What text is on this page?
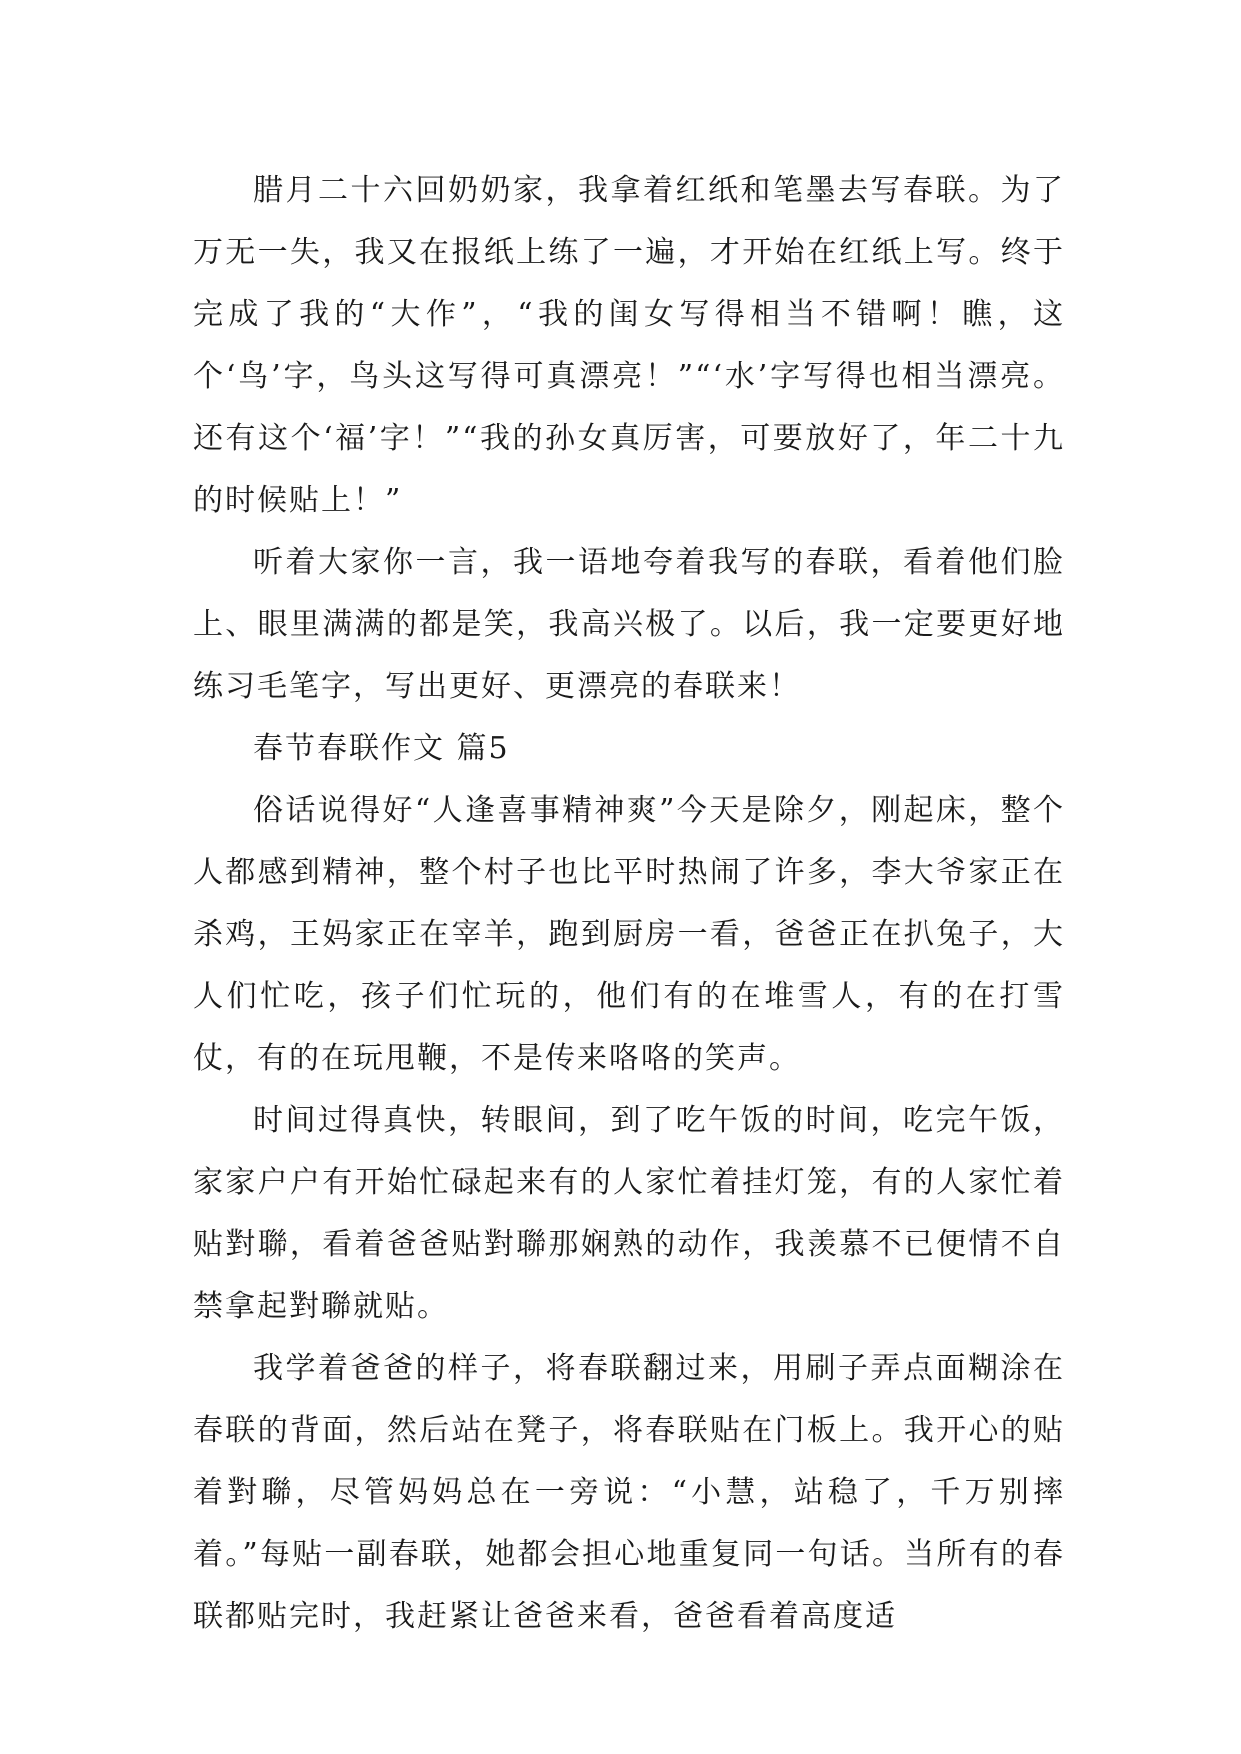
腊月二十六回奶奶家，我拿着红纸和笔墨去写春联。为了万无一失，我又在报纸上练了一遍，才开始在红纸上写。终于完成了我的“大作”，“我的闺女写得相当不错啊！瞧，这个‘鸟’字，鸟头这写得可真漂亮！”“‘水’字写得也相当漂亮。还有这个‘福’字！”“我的孙女真厉害，可要放好了，年二十九的时候贴上！”

听着大家你一言，我一语地夸着我写的春联，看着他们脸上、眼里满满的都是笑，我高兴极了。以后，我一定要更好地练习毛笔字，写出更好、更漂亮的春联来！

春节春联作文 篇5

俗话说得好“人逢喜事精神爽”今天是除夕，刚起床，整个人都感到精神，整个村子也比平时热闹了许多，李大爷家正在杀鸡，王妈家正在宰羊，跑到厨房一看，爸爸正在扒兔子，大人们忙吃，孩子们忙玩的，他们有的在堆雪人，有的在打雪仗，有的在玩甩鞭，不是传来咯咯的笑声。

时间过得真快，转眼间，到了吃午饭的时间，吃完午饭，家家户户有开始忙碌起来有的人家忙着挂灯笼，有的人家忙着贴對聯，看着爸爸贴對聯那娴熟的动作，我羡慕不已便情不自禁拿起對聯就贴。

我学着爸爸的样子，将春联翻过来，用刷子弄点面糊涂在春联的背面，然后站在凳子，将春联贴在门板上。我开心的贴着對聯，尽管妈妈总在一旁说：“小慧，站稳了，千万别摔着。”每贴一副春联，她都会担心地重复同一句话。当所有的春联都贴完时，我赶紧让爸爸来看，爸爸看着高度适
